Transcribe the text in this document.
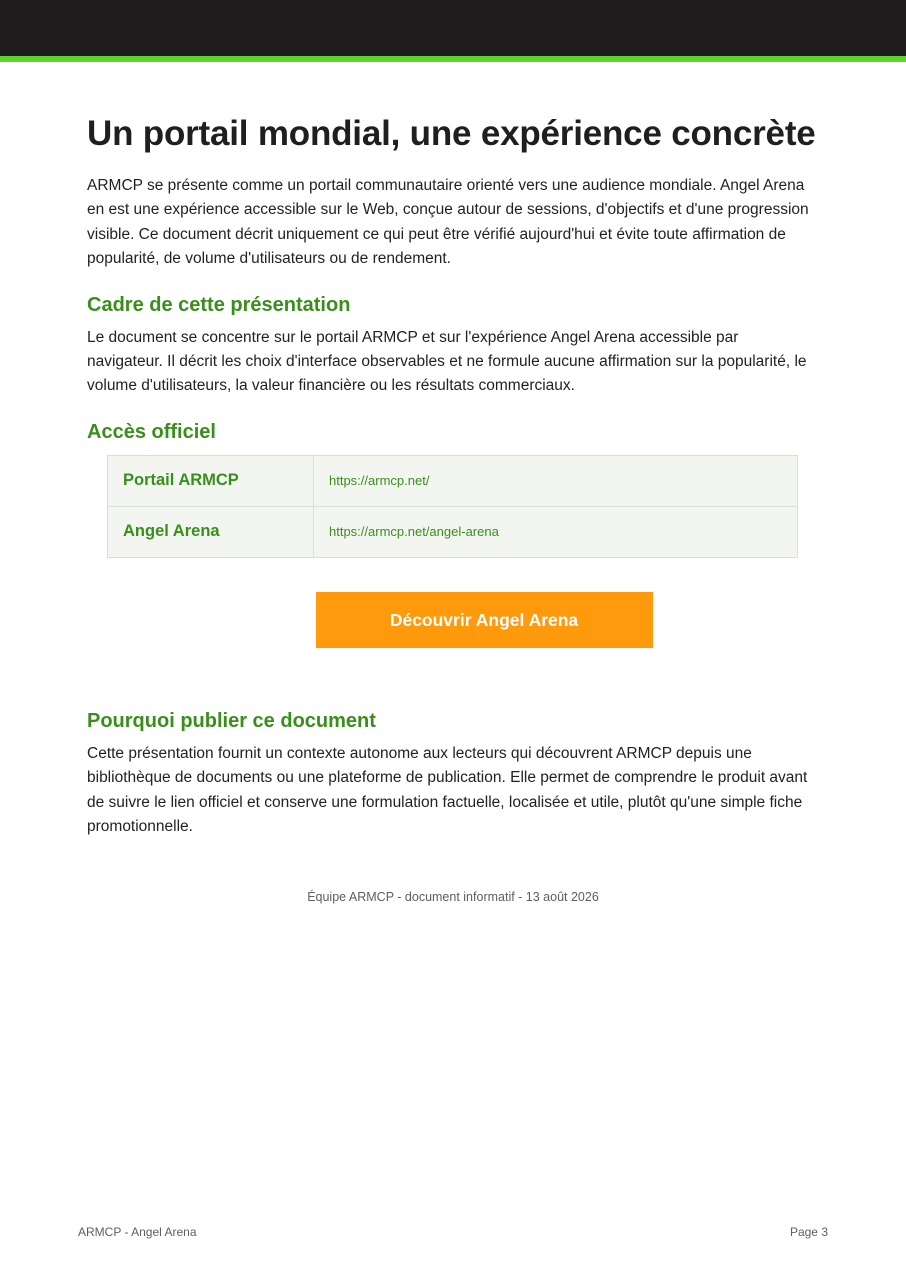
Un portail mondial, une expérience concrète

ARMCP se présente comme un portail communautaire orienté vers une audience mondiale. Angel Arena en est une expérience accessible sur le Web, conçue autour de sessions, d'objectifs et d'une progression visible. Ce document décrit uniquement ce qui peut être vérifié aujourd'hui et évite toute affirmation de popularité, de volume d'utilisateurs ou de rendement.

Cadre de cette présentation

Le document se concentre sur le portail ARMCP et sur l'expérience Angel Arena accessible par navigateur. Il décrit les choix d'interface observables et ne formule aucune affirmation sur la popularité, le volume d'utilisateurs, la valeur financière ou les résultats commerciaux.

Accès officiel
Portail ARMCP	https://armcp.net/
Angel Arena	https://armcp.net/angel-arena
Découvrir Angel Arena
Pourquoi publier ce document

Cette présentation fournit un contexte autonome aux lecteurs qui découvrent ARMCP depuis une bibliothèque de documents ou une plateforme de publication. Elle permet de comprendre le produit avant de suivre le lien officiel et conserve une formulation factuelle, localisée et utile, plutôt qu'une simple fiche promotionnelle.

Équipe ARMCP - document informatif - 13 août 2026
ARMCP - Angel Arena	Page 3
